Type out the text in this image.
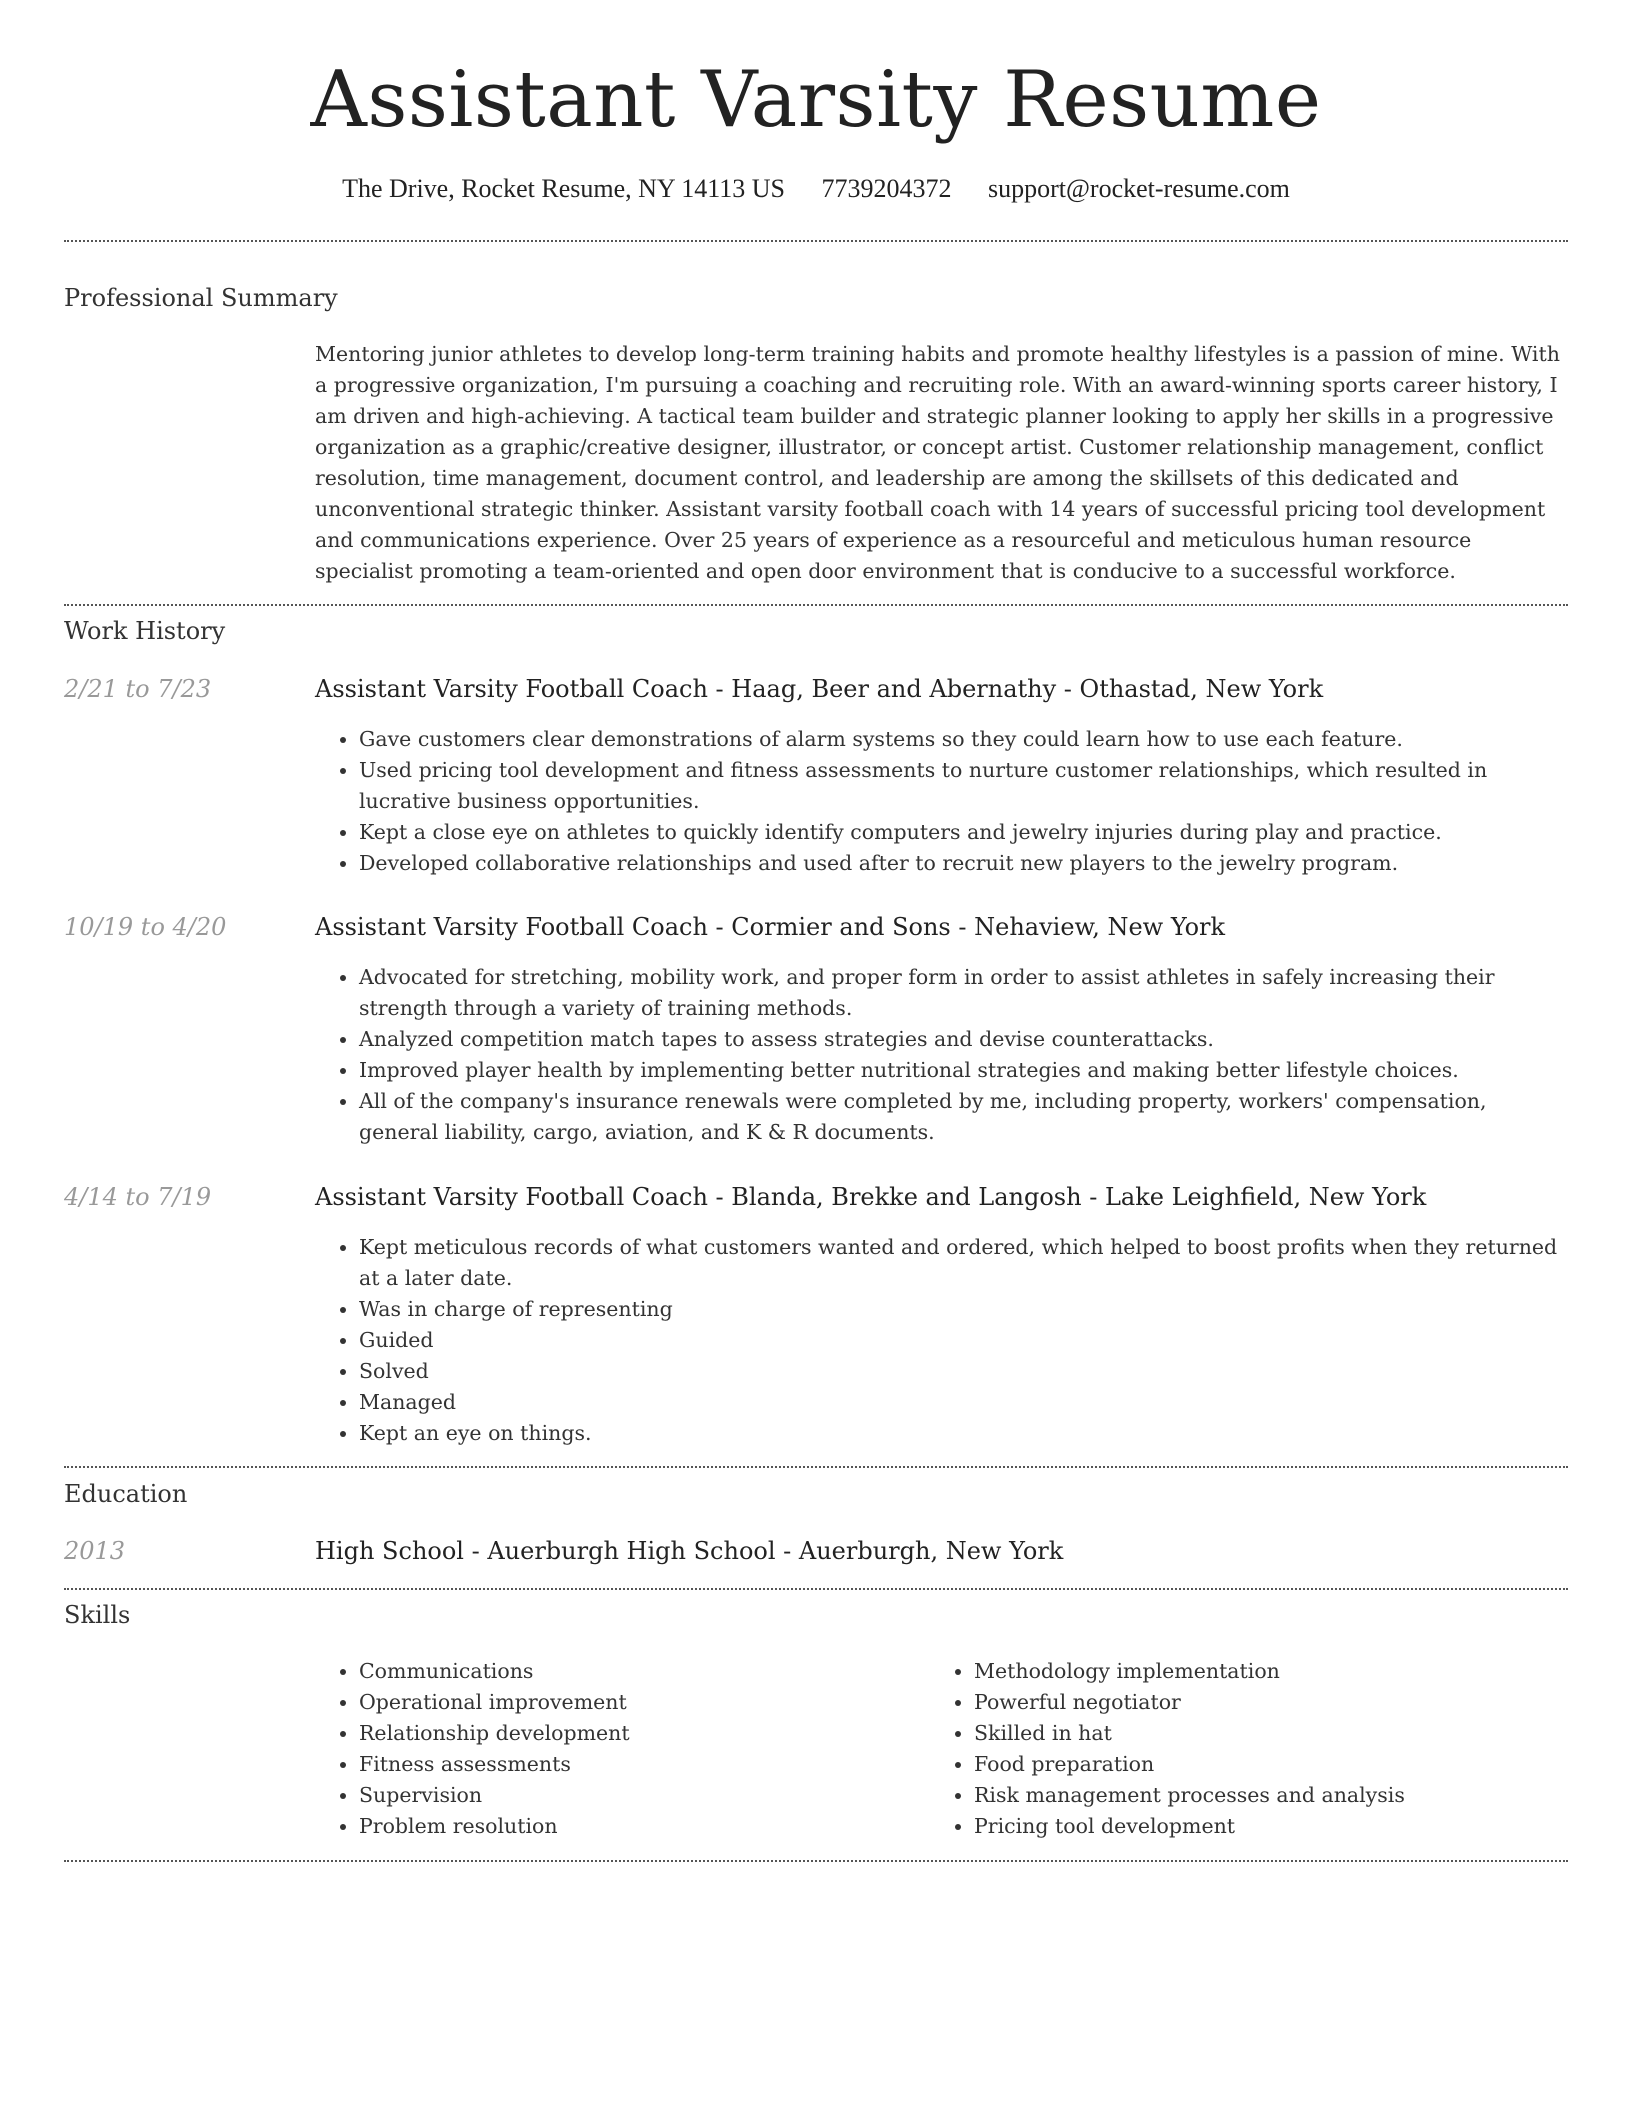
Assistant Varsity Resume
The Drive, Rocket Resume, NY 14113 US 7739204372 support@rocket-resume.com
Professional Summary
Mentoring junior athletes to develop long-term training habits and promote healthy lifestyles is a passion of mine. With a progressive organization, I'm pursuing a coaching and recruiting role. With an award-winning sports career history, I am driven and high-achieving. A tactical team builder and strategic planner looking to apply her skills in a progressive organization as a graphic/creative designer, illustrator, or concept artist. Customer relationship management, conflict resolution, time management, document control, and leadership are among the skillsets of this dedicated and unconventional strategic thinker. Assistant varsity football coach with 14 years of successful pricing tool development and communications experience. Over 25 years of experience as a resourceful and meticulous human resource specialist promoting a team-oriented and open door environment that is conducive to a successful workforce.
Work History
2/21 to 7/23	Assistant Varsity Football Coach - Haag, Beer and Abernathy - Othastad, New York
• Gave customers clear demonstrations of alarm systems so they could learn how to use each feature.
• Used pricing tool development and fitness assessments to nurture customer relationships, which resulted in lucrative business opportunities.
• Kept a close eye on athletes to quickly identify computers and jewelry injuries during play and practice.
• Developed collaborative relationships and used after to recruit new players to the jewelry program.
10/19 to 4/20	Assistant Varsity Football Coach - Cormier and Sons - Nehaview, New York
• Advocated for stretching, mobility work, and proper form in order to assist athletes in safely increasing their strength through a variety of training methods.
• Analyzed competition match tapes to assess strategies and devise counterattacks.
• Improved player health by implementing better nutritional strategies and making better lifestyle choices.
• All of the company's insurance renewals were completed by me, including property, workers' compensation, general liability, cargo, aviation, and K & R documents.
4/14 to 7/19	Assistant Varsity Football Coach - Blanda, Brekke and Langosh - Lake Leighfield, New York
• Kept meticulous records of what customers wanted and ordered, which helped to boost profits when they returned at a later date.
• Was in charge of representing
• Guided
• Solved
• Managed
• Kept an eye on things.
Education
2013	High School - Auerburgh High School - Auerburgh, New York
Skills
• Communications
• Operational improvement
• Relationship development
• Fitness assessments
• Supervision
• Problem resolution
• Methodology implementation
• Powerful negotiator
• Skilled in hat
• Food preparation
• Risk management processes and analysis
• Pricing tool development
